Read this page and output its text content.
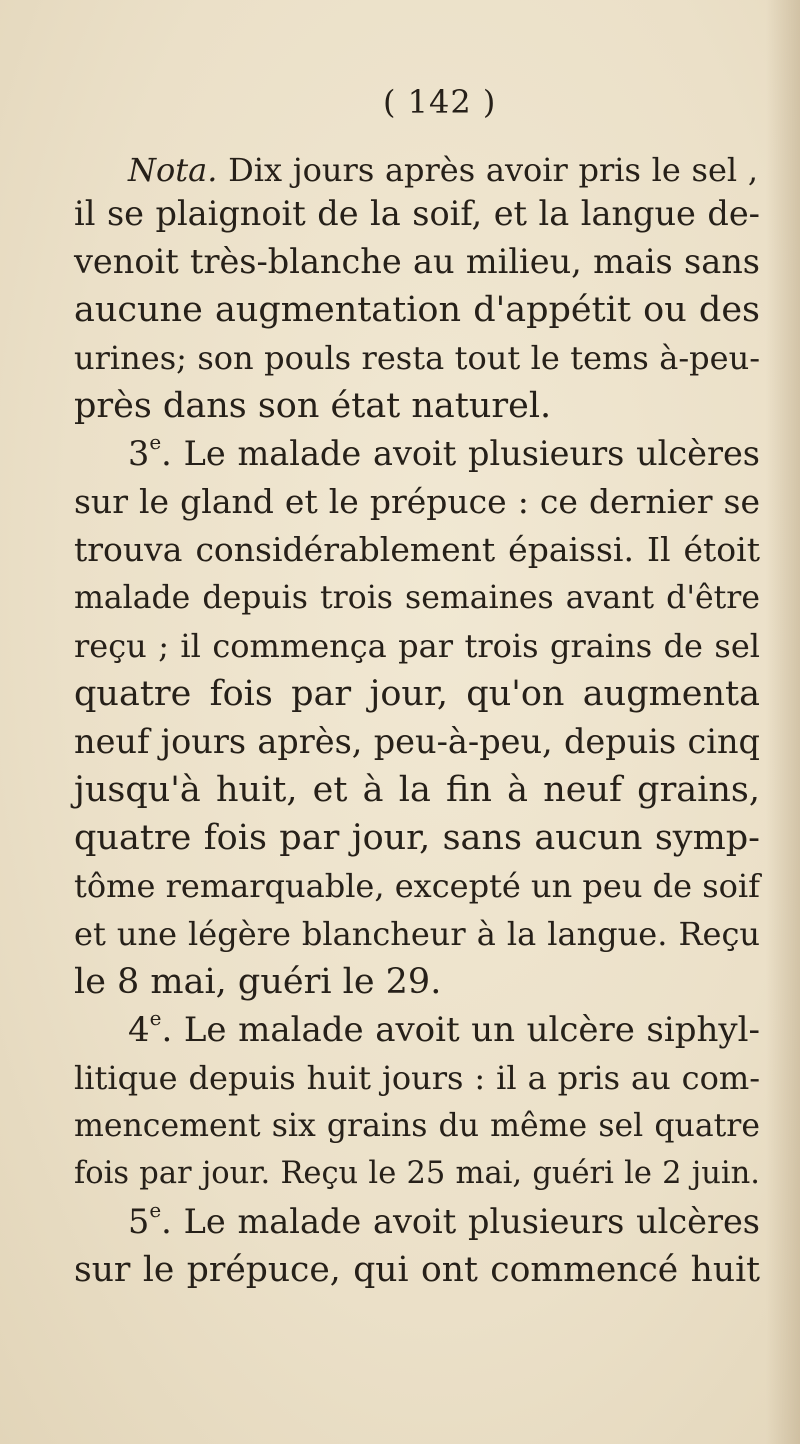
( 142 )
Nota. Dix jours après avoir pris le sel ,
il se plaignoit de la soif, et la langue de-
venoit très-blanche au milieu, mais sans
aucune augmentation d'appétit ou des
urines; son pouls resta tout le tems à-peu-
près dans son état naturel.
3e. Le malade avoit plusieurs ulcères
sur le gland et le prépuce : ce dernier se
trouva considérablement épaissi. Il étoit
malade depuis trois semaines avant d'être
reçu ; il commença par trois grains de sel
quatre fois par jour, qu'on augmenta
neuf jours après, peu-à-peu, depuis cinq
jusqu'à huit, et à la fin à neuf grains,
quatre fois par jour, sans aucun symp-
tôme remarquable, excepté un peu de soif
et une légère blancheur à la langue. Reçu
le 8 mai, guéri le 29.
4e. Le malade avoit un ulcère siphyl-
litique depuis huit jours : il a pris au com-
mencement six grains du même sel quatre
fois par jour. Reçu le 25 mai, guéri le 2 juin.
5e. Le malade avoit plusieurs ulcères
sur le prépuce, qui ont commencé huit
